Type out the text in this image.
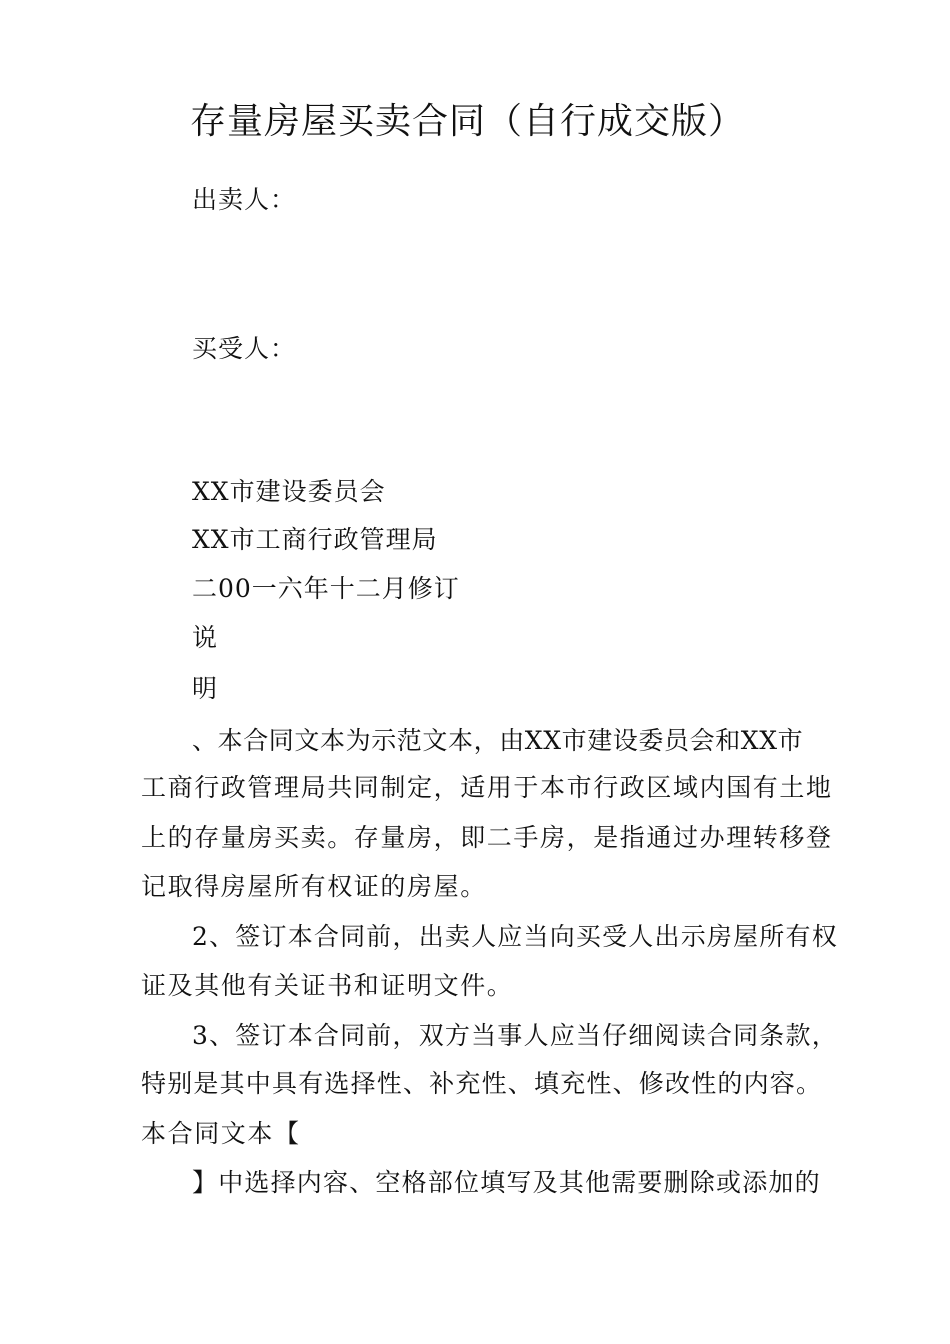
存量房屋买卖合同（自行成交版）
出卖人：
买受人：
XX市建设委员会
XX市工商行政管理局
二00一六年十二月修订
说
明
、本合同文本为示范文本，由XX市建设委员会和XX市
工商行政管理局共同制定，适用于本市行政区域内国有土地
上的存量房买卖。存量房，即二手房，是指通过办理转移登
记取得房屋所有权证的房屋。
2、签订本合同前，出卖人应当向买受人出示房屋所有权
证及其他有关证书和证明文件。
3、签订本合同前，双方当事人应当仔细阅读合同条款，
特别是其中具有选择性、补充性、填充性、修改性的内容。
本合同文本【
】中选择内容、空格部位填写及其他需要删除或添加的
